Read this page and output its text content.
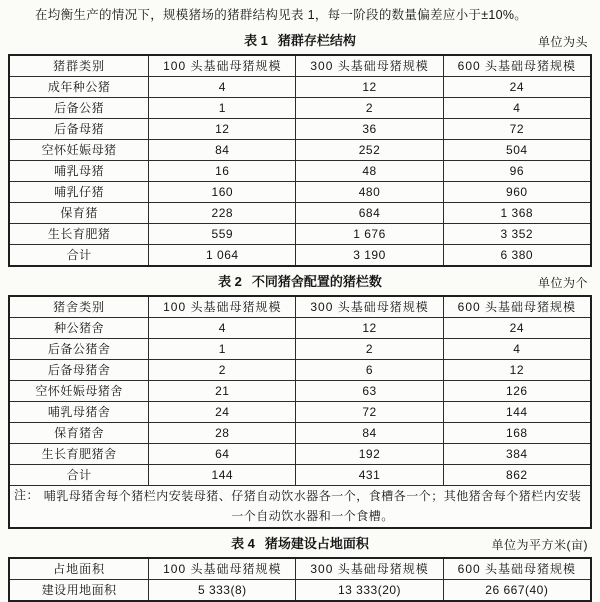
在均衡生产的情况下，规模猪场的猪群结构见表 1，每一阶段的数量偏差应小于±10%。

表 1 猪群存栏结构	单位为头
猪群类别	100 头基础母猪规模	300 头基础母猪规模	600 头基础母猪规模
成年种公猪	4	12	24
后备公猪	1	2	4
后备母猪	12	36	72
空怀妊娠母猪	84	252	504
哺乳母猪	16	48	96
哺乳仔猪	160	480	960
保育猪	228	684	1 368
生长育肥猪	559	1 676	3 352
合计	1 064	3 190	6 380
表 2 不同猪舍配置的猪栏数	单位为个
猪舍类别	100 头基础母猪规模	300 头基础母猪规模	600 头基础母猪规模
种公猪舍	4	12	24
后备公猪舍	1	2	4
后备母猪舍	2	6	12
空怀妊娠母猪舍	21	63	126
哺乳母猪舍	24	72	144
保育猪舍	28	84	168
生长育肥猪舍	64	192	384
合计	144	431	862

注： 哺乳母猪舍每个猪栏内安装母猪、仔猪自动饮水器各一个，食槽各一个；其他猪舍每个猪栏内安装一个自动饮水器和一个食槽。			
表 4 猪场建设占地面积	单位为平方米(亩)
占地面积	100 头基础母猪规模	300 头基础母猪规模	600 头基础母猪规模
建设用地面积	5 333(8)	13 333(20)	26 667(40)
